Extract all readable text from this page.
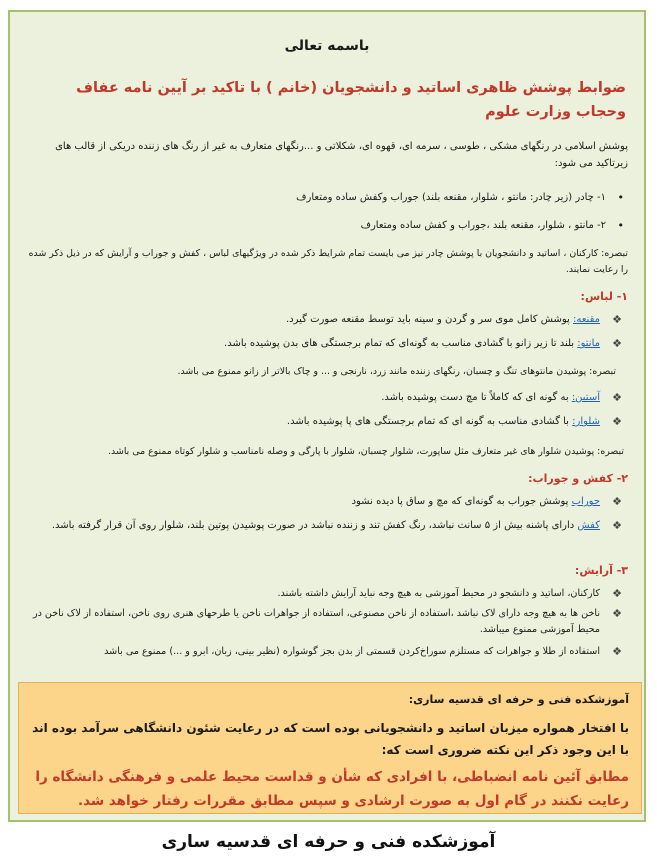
باسمه تعالی

ضوابط پوشش ظاهری اساتید و دانشجویان (خانم ) با تاکید بر آیین نامه عفاف وحجاب وزارت علوم

پوشش اسلامی در رنگهای مشکی ، طوسی ، سرمه ای، قهوه ای، شکلاتی و ...رنگهای متعارف به غیر از رنگ های زننده دریکی از قالب های زیرتاکید می شود:

•
۱- چادر (زیر چادر: مانتو ، شلوار، مقنعه بلند) جوراب وکفش ساده ومتعارف

•
۲- مانتو ، شلوار، مقنعه بلند ،جوراب و کفش ساده ومتعارف

تبصره: کارکنان ، اساتید و دانشجویان با پوشش چادر نیز می بایست تمام شرایط ذکر شده در ویژگیهای لباس ، کفش و جوراب و آرایش که در ذیل ذکر شده را رعایت نمایند.

۱- لباس:

❖
مقنعه: پوشش کامل موی سر و گردن و سینه باید توسط مقنعه صورت گیرد.

❖
مانتو: بلند تا زیر زانو با گشادی مناسب به گونه‌ای که تمام برجستگی های بدن پوشیده باشد.

تبصره: پوشیدن مانتوهای تنگ و چسبان، رنگهای زننده مانند زرد، نارنجی و ... و چاک بالاتر از زانو ممنوع می باشد.

❖
آستین: به گونه ای که کاملاً تا مچ دست پوشیده باشد.

❖
شلوار: با گشادی مناسب به گونه ای که تمام برجستگی های پا پوشیده باشد.

تبصره: پوشیدن شلوار های غیر متعارف مثل ساپورت، شلوار چسبان، شلوار با پارگی و وصله نامناسب و شلوار کوتاه ممنوع می باشد.

۲- کفش و جوراب:

❖
جوراب پوشش جوراب به گونه‌ای که مچ و ساق پا دیده نشود

❖
کفش دارای پاشنه بیش از ۵ سانت نباشد، رنگ کفش تند و زننده نباشد در صورت پوشیدن پوتین بلند، شلوار روی آن قرار گرفته باشد.

۳- آرایش:

❖
کارکنان، اساتید و دانشجو در محیط آموزشی به هیچ وجه نباید آرایش داشته باشند.

❖
ناخن ها به هیچ وجه دارای لاک نباشد ،استفاده از ناخن مصنوعی، استفاده از جواهرات ناخن یا طرحهای هنری روی ناخن، استفاده از لاک ناخن در محیط آموزشی ممنوع میباشد.

❖
استفاده از طلا و جواهرات که مستلزم سوراخ‌کردن قسمتی از بدن بجز گوشواره (نظیر بینی، زبان، ابرو و ...) ممنوع می باشد

آموزشکده فنی و حرفه ای قدسیه ساری:
با افتخار همواره میزبان اساتید و دانشجویانی بوده است که در رعایت شئون دانشگاهی سرآمد بوده اند با این وجود ذکر این نکته ضروری است که:
مطابق آئین نامه انضباطی، با افرادی که شأن و قداست محیط علمی و فرهنگی دانشگاه را رعایت نکنند در گام اول به صورت ارشادی و سپس مطابق مقررات رفتار خواهد شد.
آموزشکده فنی و حرفه ای قدسیه ساری
